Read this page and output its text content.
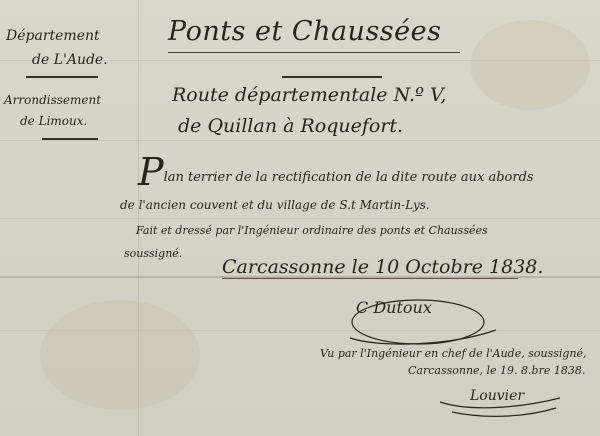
Département
de L'Aude.
Arrondissement
de Limoux.
Ponts et Chaussées
Route départementale N.º V,
de Quillan à Roquefort.
Plan terrier de la rectification de la dite route aux abords
de l'ancien couvent et du village de S.t Martin-Lys.
Fait et dressé par l'Ingénieur ordinaire des ponts et Chaussées
soussigné.
Carcassonne le 10 Octobre 1838.
C Dutoux
Vu par l'Ingénieur en chef de l'Aude, soussigné,
Carcassonne, le 19. 8.bre 1838.
Louvier
